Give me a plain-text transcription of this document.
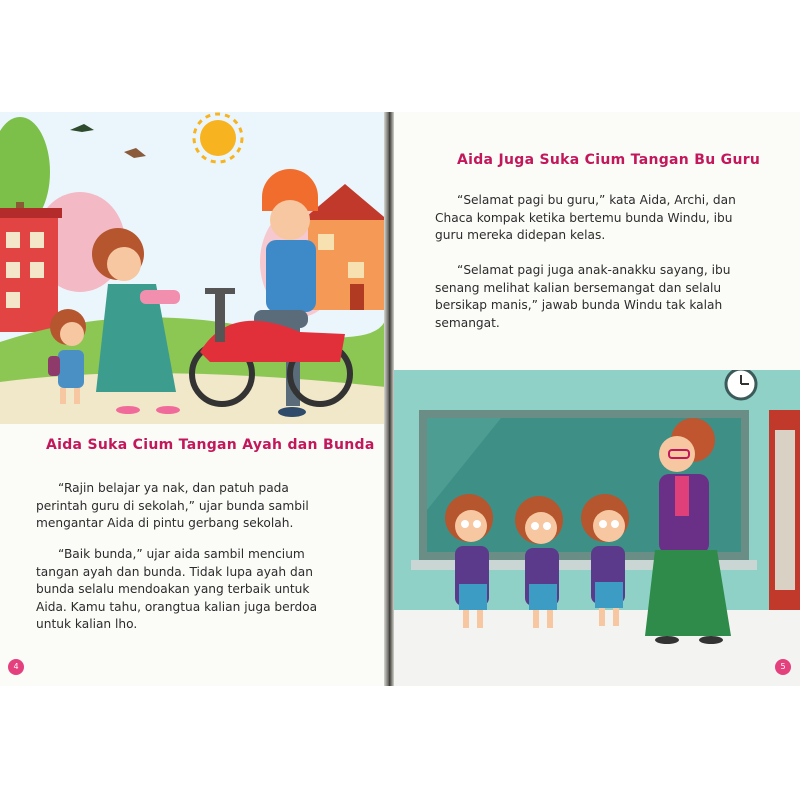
Aida Suka Cium Tangan Ayah dan Bunda

“Rajin belajar ya nak, dan patuh pada perintah guru di sekolah,” ujar bunda sambil mengantar Aida di pintu gerbang sekolah.

“Baik bunda,” ujar aida sambil mencium tangan ayah dan bunda. Tidak lupa ayah dan bunda selalu mendoakan yang terbaik untuk Aida. Kamu tahu, orangtua kalian juga berdoa untuk kalian lho.

4
Aida Juga Suka Cium Tangan Bu Guru

“Selamat pagi bu guru,” kata Aida, Archi, dan Chaca kompak ketika bertemu bunda Windu, ibu guru mereka didepan kelas.

“Selamat pagi juga anak-anakku sayang, ibu senang melihat kalian bersemangat dan selalu bersikap manis,” jawab bunda Windu tak kalah semangat.

5
